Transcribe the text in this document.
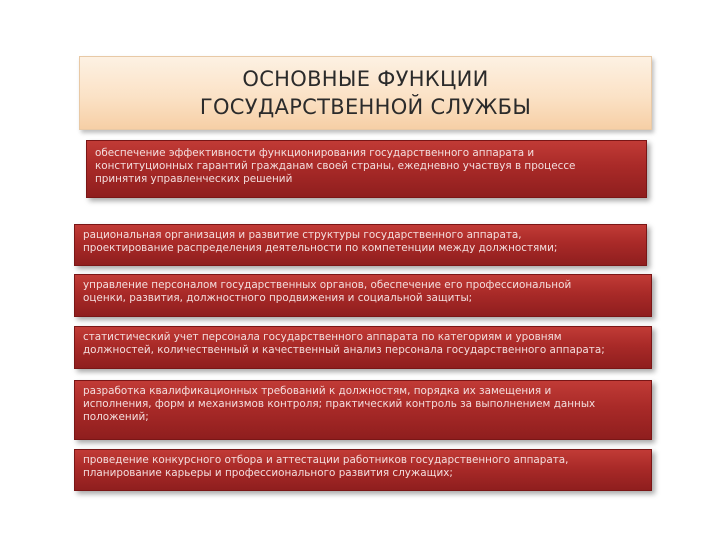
ОСНОВНЫЕ ФУНКЦИИ
ГОСУДАРСТВЕННОЙ СЛУЖБЫ
обеспечение эффективности функционирования государственного аппарата и
конституционных гарантий гражданам своей страны, ежедневно участвуя в процессе
принятия управленческих решений
рациональная организация и развитие структуры государственного аппарата,
проектирование распределения деятельности по компетенции между должностями;
управление персоналом государственных органов, обеспечение его профессиональной
оценки, развития, должностного продвижения и социальной защиты;
статистический учет персонала государственного аппарата по категориям и уровням
должностей, количественный и качественный анализ персонала государственного аппарата;
разработка квалификационных требований к должностям, порядка их замещения и
исполнения, форм и механизмов контроля; практический контроль за выполнением данных
положений;
проведение конкурсного отбора и аттестации работников государственного аппарата,
планирование карьеры и профессионального развития служащих;
